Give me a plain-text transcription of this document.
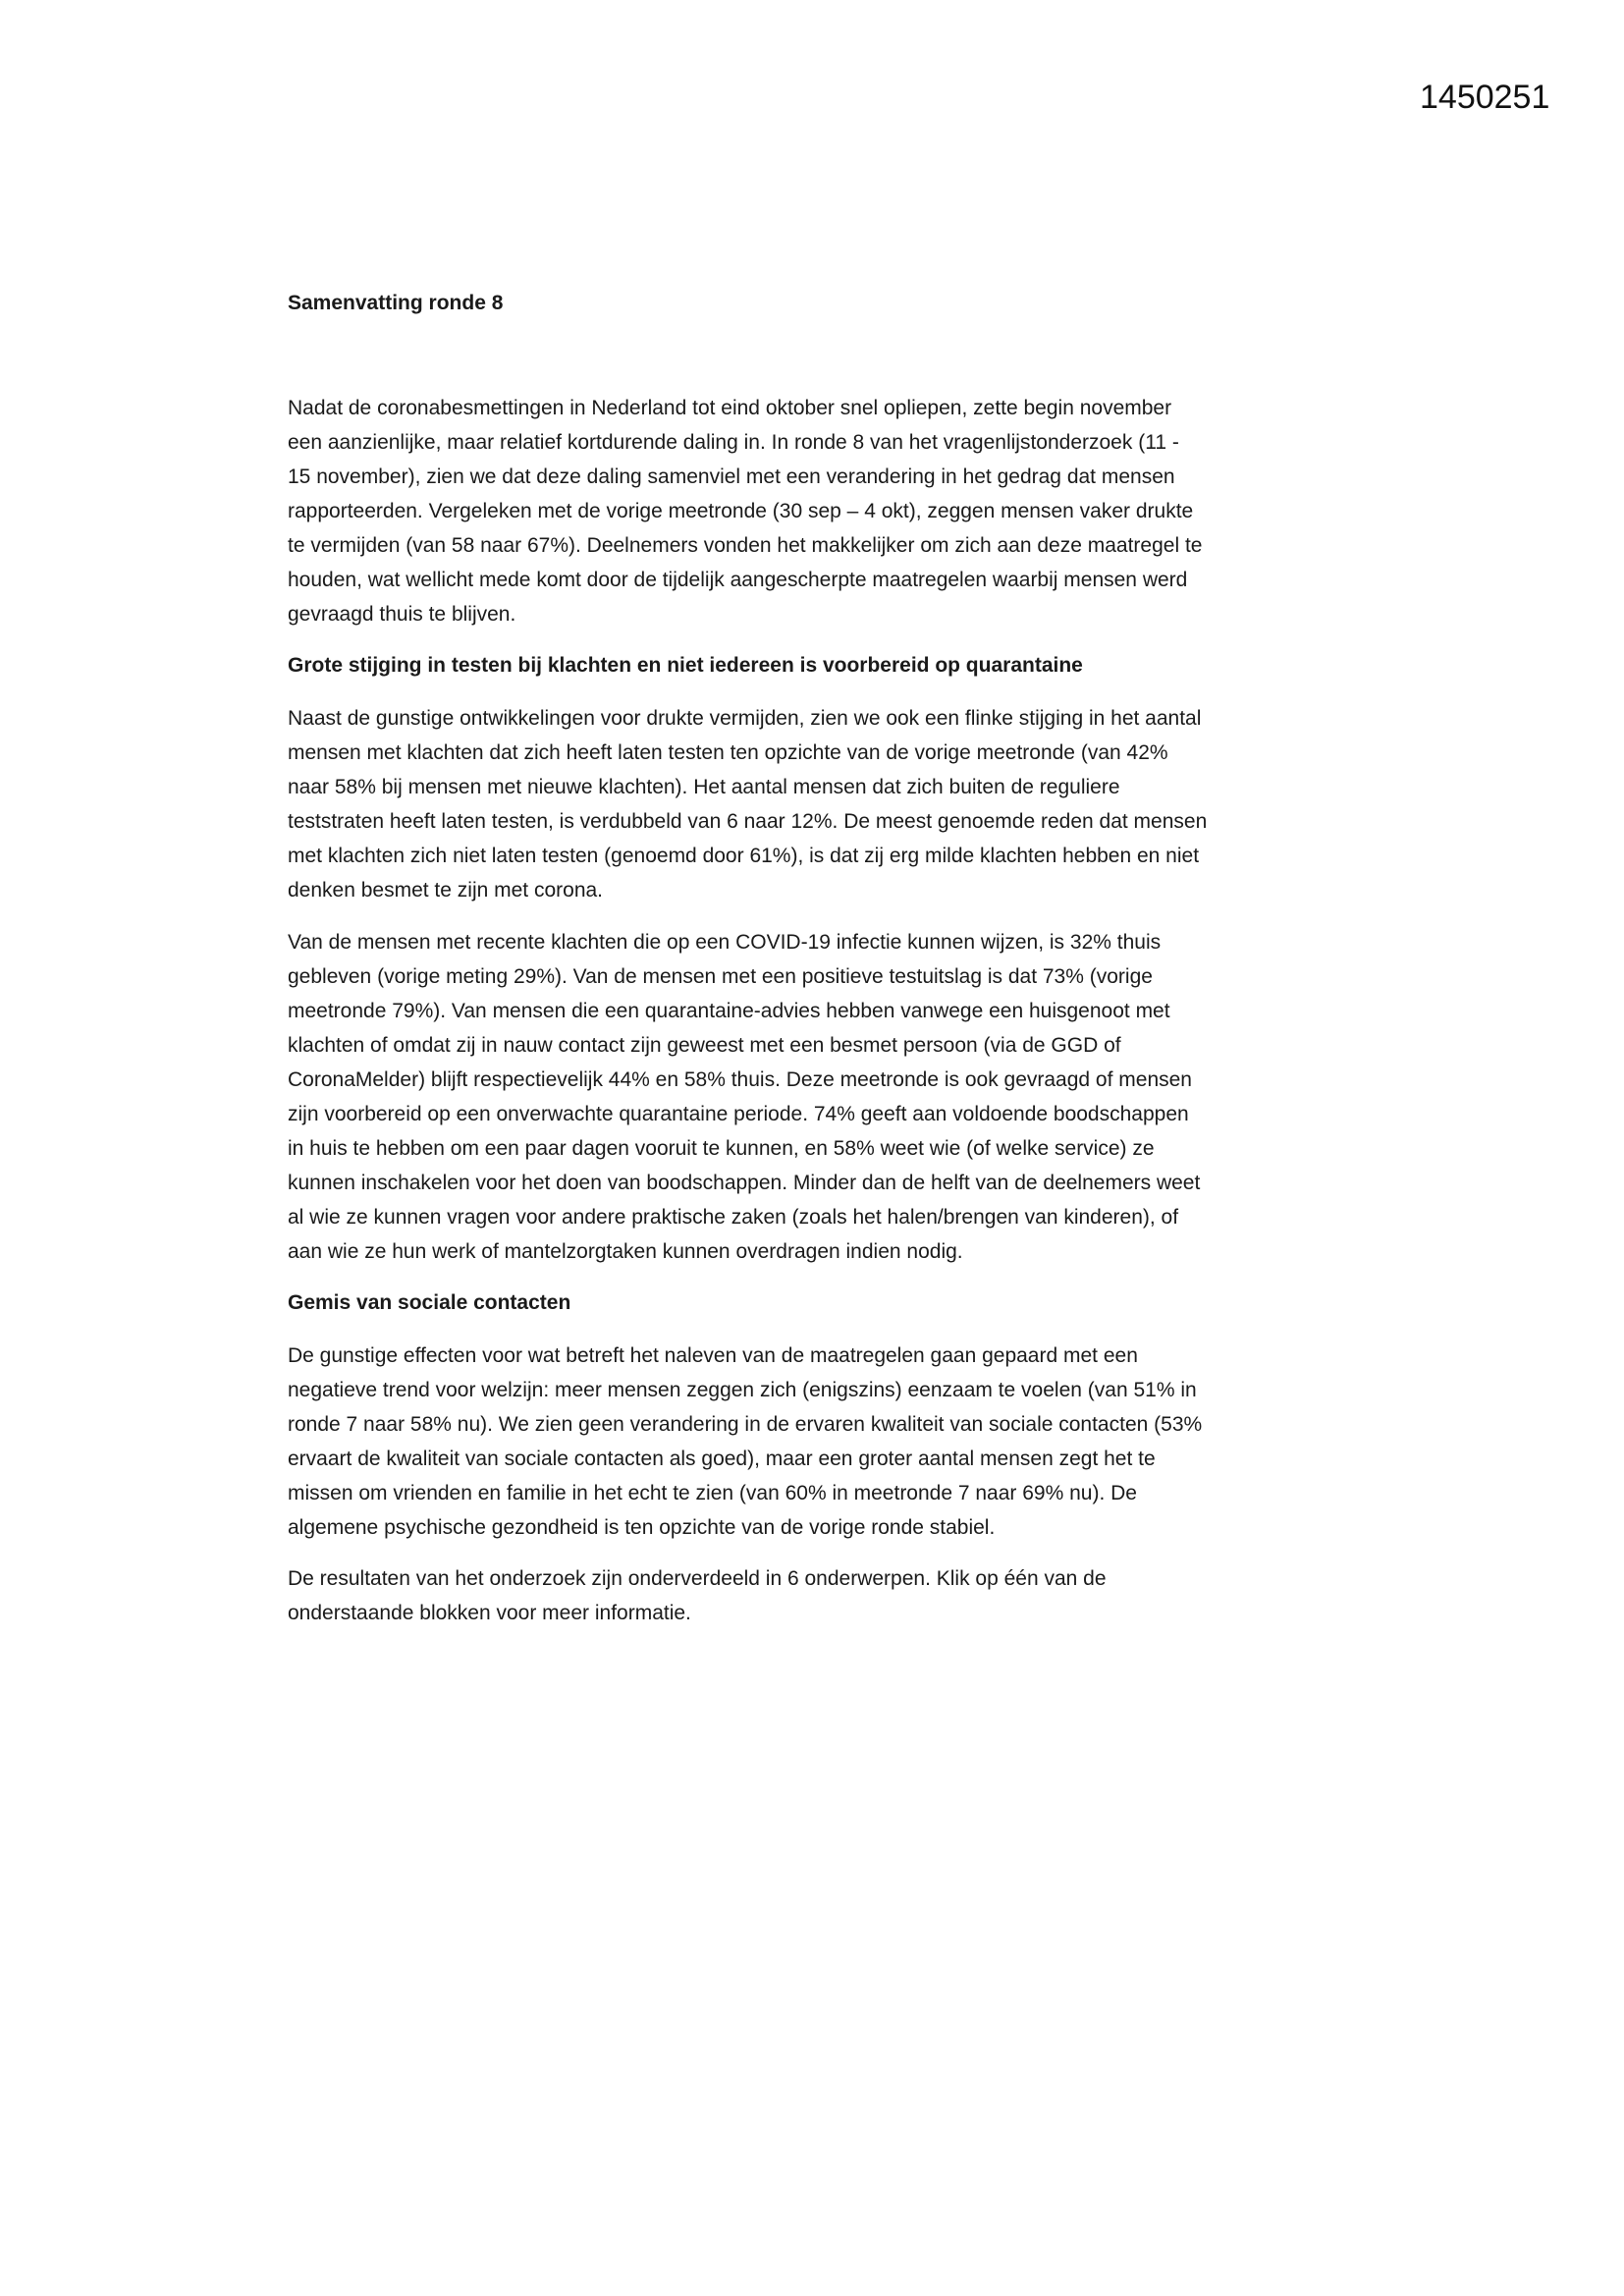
1450251
Samenvatting ronde 8
Nadat de coronabesmettingen in Nederland tot eind oktober snel opliepen, zette begin november
een aanzienlijke, maar relatief kortdurende daling in. In ronde 8 van het vragenlijstonderzoek (11 -
15 november), zien we dat deze daling samenviel met een verandering in het gedrag dat mensen
rapporteerden. Vergeleken met de vorige meetronde (30 sep – 4 okt), zeggen mensen vaker drukte
te vermijden (van 58 naar 67%). Deelnemers vonden het makkelijker om zich aan deze maatregel te
houden, wat wellicht mede komt door de tijdelijk aangescherpte maatregelen waarbij mensen werd
gevraagd thuis te blijven.
Grote stijging in testen bij klachten en niet iedereen is voorbereid op quarantaine
Naast de gunstige ontwikkelingen voor drukte vermijden, zien we ook een flinke stijging in het aantal
mensen met klachten dat zich heeft laten testen ten opzichte van de vorige meetronde (van 42%
naar 58% bij mensen met nieuwe klachten). Het aantal mensen dat zich buiten de reguliere
teststraten heeft laten testen, is verdubbeld van 6 naar 12%. De meest genoemde reden dat mensen
met klachten zich niet laten testen (genoemd door 61%), is dat zij erg milde klachten hebben en niet
denken besmet te zijn met corona.
Van de mensen met recente klachten die op een COVID-19 infectie kunnen wijzen, is 32% thuis
gebleven (vorige meting 29%). Van de mensen met een positieve testuitslag is dat 73% (vorige
meetronde 79%). Van mensen die een quarantaine-advies hebben vanwege een huisgenoot met
klachten of omdat zij in nauw contact zijn geweest met een besmet persoon (via de GGD of
CoronaMelder) blijft respectievelijk 44% en 58% thuis. Deze meetronde is ook gevraagd of mensen
zijn voorbereid op een onverwachte quarantaine periode. 74% geeft aan voldoende boodschappen
in huis te hebben om een paar dagen vooruit te kunnen, en 58% weet wie (of welke service) ze
kunnen inschakelen voor het doen van boodschappen. Minder dan de helft van de deelnemers weet
al wie ze kunnen vragen voor andere praktische zaken (zoals het halen/brengen van kinderen), of
aan wie ze hun werk of mantelzorgtaken kunnen overdragen indien nodig.
Gemis van sociale contacten
De gunstige effecten voor wat betreft het naleven van de maatregelen gaan gepaard met een
negatieve trend voor welzijn: meer mensen zeggen zich (enigszins) eenzaam te voelen (van 51% in
ronde 7 naar 58% nu). We zien geen verandering in de ervaren kwaliteit van sociale contacten (53%
ervaart de kwaliteit van sociale contacten als goed), maar een groter aantal mensen zegt het te
missen om vrienden en familie in het echt te zien (van 60% in meetronde 7 naar 69% nu). De
algemene psychische gezondheid is ten opzichte van de vorige ronde stabiel.
De resultaten van het onderzoek zijn onderverdeeld in 6 onderwerpen. Klik op één van de
onderstaande blokken voor meer informatie.
